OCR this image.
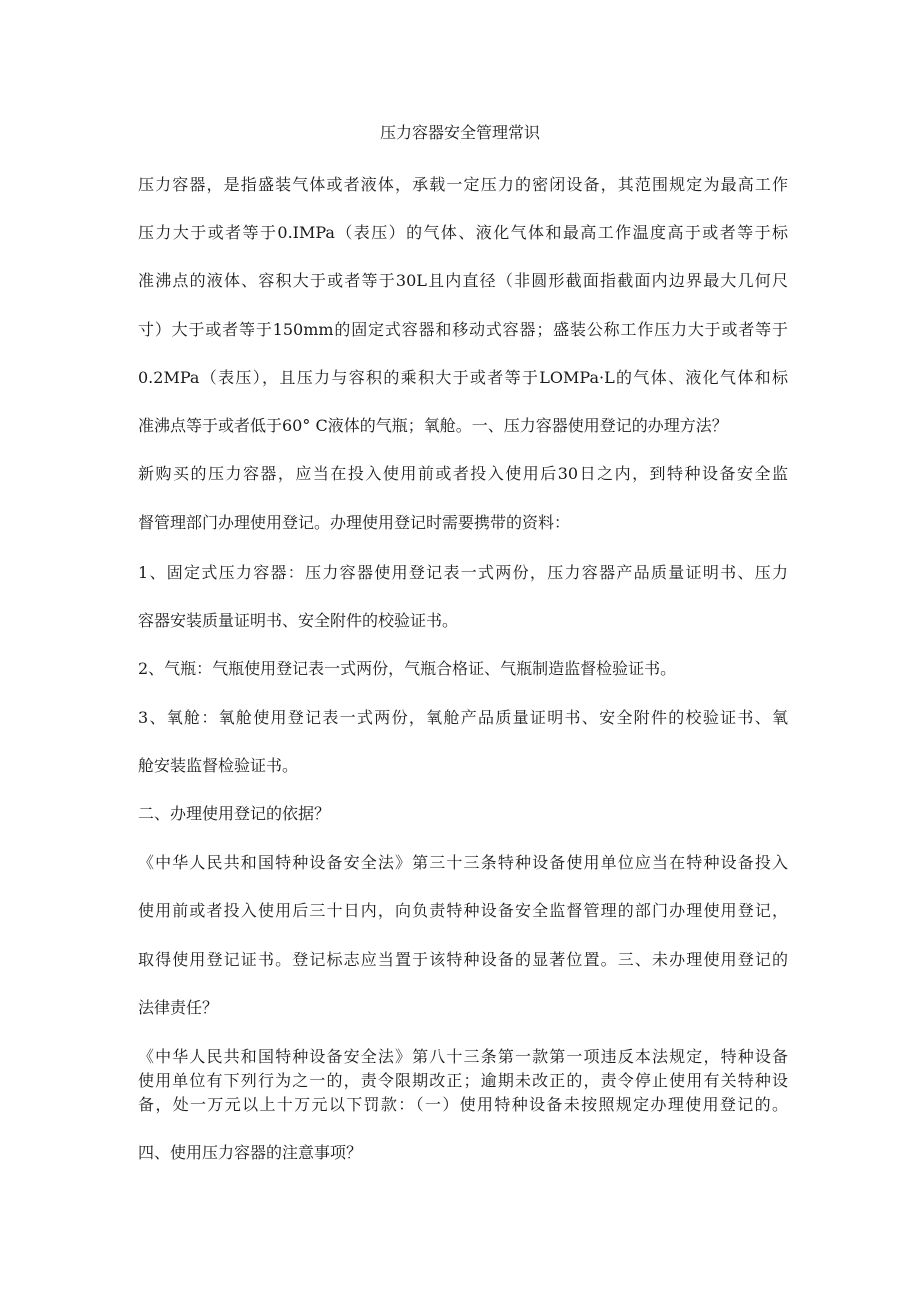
压力容器安全管理常识
压力容器，是指盛装气体或者液体，承载一定压力的密闭设备，其范围规定为最高工作
压力大于或者等于0.IMPa（表压）的气体、液化气体和最高工作温度高于或者等于标
准沸点的液体、容积大于或者等于30L且内直径（非圆形截面指截面内边界最大几何尺
寸）大于或者等于150mm的固定式容器和移动式容器；盛装公称工作压力大于或者等于
0.2MPa（表压），且压力与容积的乘积大于或者等于LOMPa·L的气体、液化气体和标
准沸点等于或者低于60° C液体的气瓶；氧舱。一、压力容器使用登记的办理方法？
新购买的压力容器，应当在投入使用前或者投入使用后30日之内，到特种设备安全监
督管理部门办理使用登记。办理使用登记时需要携带的资料：
1、固定式压力容器：压力容器使用登记表一式两份，压力容器产品质量证明书、压力
容器安装质量证明书、安全附件的校验证书。
2、气瓶：气瓶使用登记表一式两份，气瓶合格证、气瓶制造监督检验证书。
3、氧舱：氧舱使用登记表一式两份，氧舱产品质量证明书、安全附件的校验证书、氧
舱安装监督检验证书。
二、办理使用登记的依据？
《中华人民共和国特种设备安全法》第三十三条特种设备使用单位应当在特种设备投入
使用前或者投入使用后三十日内，向负责特种设备安全监督管理的部门办理使用登记，
取得使用登记证书。登记标志应当置于该特种设备的显著位置。三、未办理使用登记的
法律责任？
《中华人民共和国特种设备安全法》第八十三条第一款第一项违反本法规定，特种设备
使用单位有下列行为之一的，责令限期改正；逾期未改正的，责令停止使用有关特种设
备，处一万元以上十万元以下罚款：（一）使用特种设备未按照规定办理使用登记的。
四、使用压力容器的注意事项？
